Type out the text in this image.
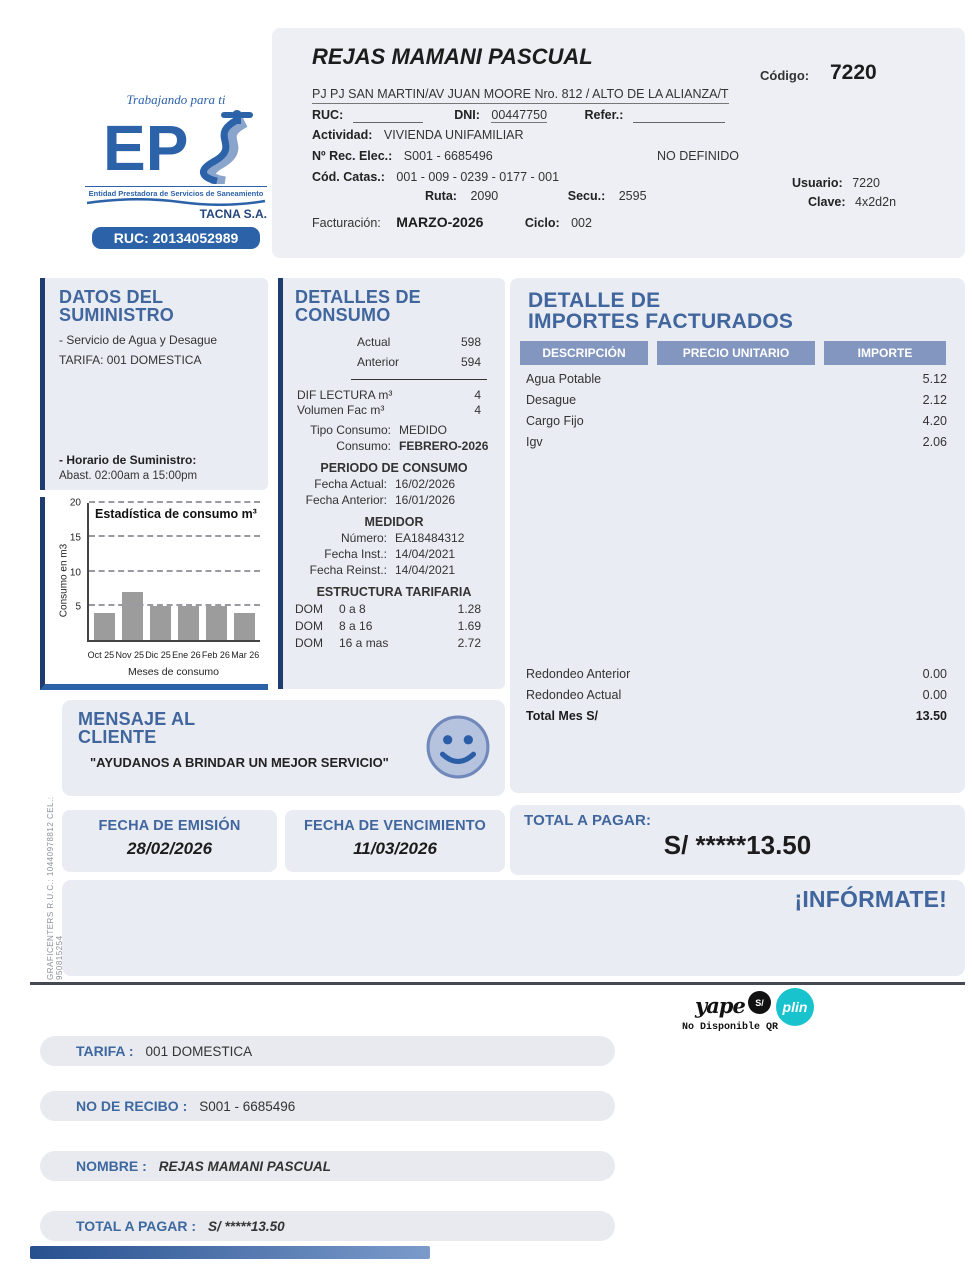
REJAS MAMANI PASCUAL
Código: 7220
PJ PJ SAN MARTIN/AV JUAN MOORE Nro. 812 / ALTO DE LA ALIANZA/T
RUC:	DNI: 00447750	Refer.:
Actividad: VIVIENDA UNIFAMILIAR
Nº Rec. Elec.: S001 - 6685496	NO DEFINIDO
Cód. Catas.: 001 - 009 - 0239 - 0177 - 001
Ruta: 2090	Secu.: 2595
Usuario: 7220
Clave: 4x2d2n
Facturación: MARZO-2026	Ciclo: 002
Trabajando para ti
EP
Entidad Prestadora de Servicios de Saneamiento
TACNA S.A.
RUC: 20134052989
DATOS DEL
SUMINISTRO
- Servicio de Agua y Desague
TARIFA: 001 DOMESTICA
- Horario de Suministro:
Abast. 02:00am a 15:00pm
Consumo en m3 5
10
15
20
Estadística de consumo m³
Oct 25 Nov 25 Dic 25 Ene 26 Feb 26 Mar 26
Meses de consumo
DETALLES DE
CONSUMO
Actual	598
Anterior	594
DIF LECTURA m³	4
Volumen Fac m³	4
Tipo Consumo: MEDIDO
Consumo: FEBRERO-2026
PERIODO DE CONSUMO
Fecha Actual: 16/02/2026
Fecha Anterior: 16/01/2026
MEDIDOR
Número: EA18484312
Fecha Inst.: 14/04/2021
Fecha Reinst.: 14/04/2021
ESTRUCTURA TARIFARIA
DOM	0 a 8	1.28
DOM	8 a 16	1.69
DOM	16 a mas	2.72
DETALLE DE
IMPORTES FACTURADOS
DESCRIPCIÓN	PRECIO UNITARIO	IMPORTE
Agua Potable	5.12
Desague	2.12
Cargo Fijo	4.20
Igv	2.06
Redondeo Anterior	0.00
Redondeo Actual	0.00
Total Mes S/	13.50
MENSAJE AL
CLIENTE
"AYUDANOS A BRINDAR UN MEJOR SERVICIO"
FECHA DE EMISIÓN
28/02/2026
FECHA DE VENCIMIENTO
11/03/2026
TOTAL A PAGAR:
S/ *****13.50
¡INFÓRMATE!
GRAFICENTERS R.U.C.: 10440978812 CEL.: 950815254
yape	S/	plin
No Disponible QR
TARIFA : 001 DOMESTICA
NO DE RECIBO : S001 - 6685496
NOMBRE : REJAS MAMANI PASCUAL
TOTAL A PAGAR : S/ *****13.50
